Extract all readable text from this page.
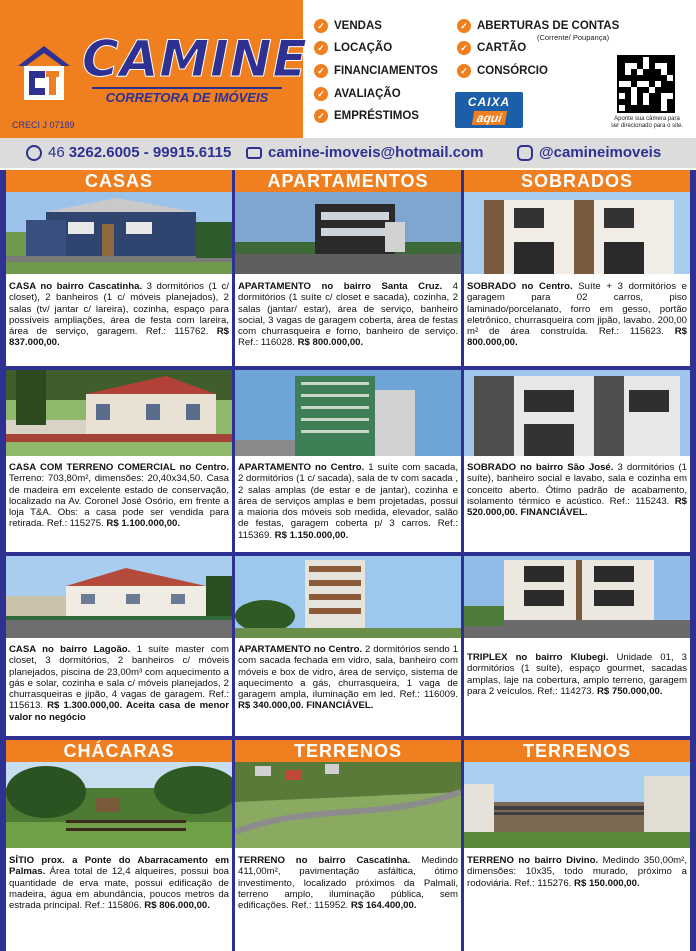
CAMINE
CORRETORA DE IMÓVEIS
CRECI J 07189
✓ VENDAS
✓ LOCAÇÃO
✓ FINANCIAMENTOS
✓ AVALIAÇÃO
✓ EMPRÉSTIMOS
✓ ABERTURAS DE CONTAS
(Corrente/ Poupança)
✓ CARTÃO
✓ CONSÓRCIO
CAIXA
aqui	Aponte sua câmera para ser direcionado para o site.
46 3262.6005 - 99915.6115 camine-imoveis@hotmail.com	@camineimoveis
CASAS
CASA no bairro Cascatinha. 3 dormitórios (1 c/ closet), 2 banheiros (1 c/ móveis planejados), 2 salas (tv/ jantar c/ lareira), cozinha, espaço para possíveis ampliações, área de festa com lareira, área de serviço, garagem. Ref.: 115762. R$ 837.000,00.
CASA COM TERRENO COMERCIAL no Centro. Terreno: 703,80m², dimensões: 20,40x34,50. Casa de madeira em excelente estado de conservação, localizado na Av. Coronel José Osório, em frente a loja T&A. Obs: a casa pode ser vendida para retirada. Ref.: 115275. R$ 1.100.000,00.
CASA no bairro Lagoão. 1 suíte master com closet, 3 dormitórios, 2 banheiros c/ móveis planejados, piscina de 23,00m³ com aquecimento a gás e solar, cozinha e sala c/ móveis planejados, 2 churrasqueiras e jipão, 4 vagas de garagem. Ref.: 115613. R$ 1.300.000,00. Aceita casa de menor valor no negócio
CHÁCARAS
SÍTIO prox. a Ponte do Abarracamento em Palmas. Área total de 12,4 alqueires, possui boa quantidade de erva mate, possui edificação de madeira, água em abundância, poucos metros da estrada principal. Ref.: 115806. R$ 806.000,00.
APARTAMENTOS
APARTAMENTO no bairro Santa Cruz. 4 dormitórios (1 suíte c/ closet e sacada), cozinha, 2 salas (jantar/ estar), área de serviço, banheiro social, 3 vagas de garagem coberta, área de festas com churrasqueira e forno, banheiro de serviço. Ref.: 116028. R$ 800.000,00.
APARTAMENTO no Centro. 1 suíte com sacada, 2 dormitórios (1 c/ sacada), sala de tv com sacada , 2 salas amplas (de estar e de jantar), cozinha e área de serviços amplas e bem projetadas, possui a maioria dos móveis sob medida, elevador, salão de festas, garagem coberta p/ 3 carros. Ref.: 115369. R$ 1.150.000,00.
APARTAMENTO no Centro. 2 dormitórios sendo 1 com sacada fechada em vidro, sala, banheiro com móveis e box de vidro, área de serviço, sistema de aquecimento a gás, churrasqueira, 1 vaga de garagem ampla, iluminação em led. Ref.: 116009. R$ 340.000,00. FINANCIÁVEL.
TERRENOS
TERRENO no bairro Cascatinha. Medindo 411,00m², pavimentação asfáltica, ótimo investimento, localizado próximos da Palmali, terreno amplo, iluminação pública, sem edificações. Ref.: 115952. R$ 164.400,00.
SOBRADOS
SOBRADO no Centro. Suíte + 3 dormitórios e garagem para 02 carros, piso laminado/porcelanato, forro em gesso, portão eletrônico, churrasqueira com jipão, lavabo. 200,00 m² de área construída. Ref.: 115623. R$ 800.000,00.
SOBRADO no bairro São José. 3 dormitórios (1 suíte), banheiro social e lavabo, sala e cozinha em conceito aberto. Ótimo padrão de acabamento, isolamento térmico e acústico. Ref.: 115243. R$ 520.000,00. FINANCIÁVEL.
TRIPLEX no bairro Klubegi. Unidade 01, 3 dormitórios (1 suíte), espaço gourmet, sacadas amplas, laje na cobertura, amplo terreno, garagem para 2 veículos. Ref.: 114273. R$ 750.000,00.
TERRENOS
TERRENO no bairro Divino. Medindo 350,00m², dimensões: 10x35, todo murado, próximo a rodoviária. Ref.: 115276. R$ 150.000,00.
